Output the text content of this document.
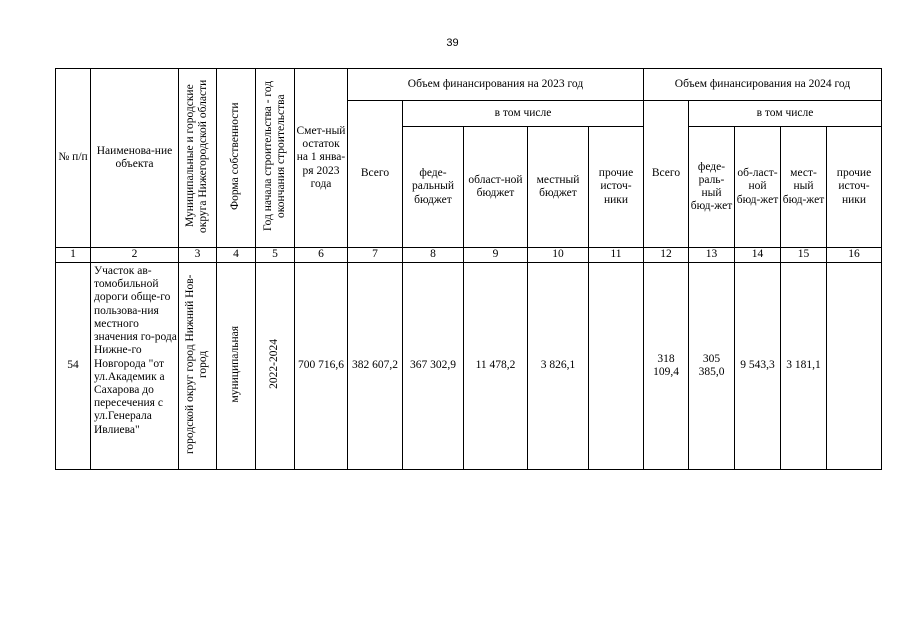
39
№ п/п	Наименова-ние объекта	Муниципальные и городские округа Нижегородской области	Форма собственности	Год начала строительства - год окончания строительства	Смет-ный остаток на 1 янва-ря 2023 года	Объем финансирования на 2023 год					Объем финансирования на 2024 год				
						Всего	в том числе				Всего	в том числе			
							феде-ральный бюджет	област-ной бюджет	местный бюджет	прочие источ-ники		феде-раль-ный бюд-жет	об-ласт-ной бюд-жет	мест-ный бюд-жет	прочие источ-ники
1	2	3	4	5	6	7	8	9	10	11	12	13	14	15	16
54	Участок ав-томобильной дороги обще-го пользова-ния местного значения го-рода Нижне-го Новгорода "от ул.Академик а Сахарова до пересечения с ул.Генерала Ивлиева"	городской округ город Нижний Нов-город	муниципальная	2022-2024	700 716,6	382 607,2	367 302,9	11 478,2	3 826,1		318 109,4	305 385,0	9 543,3	3 181,1	
